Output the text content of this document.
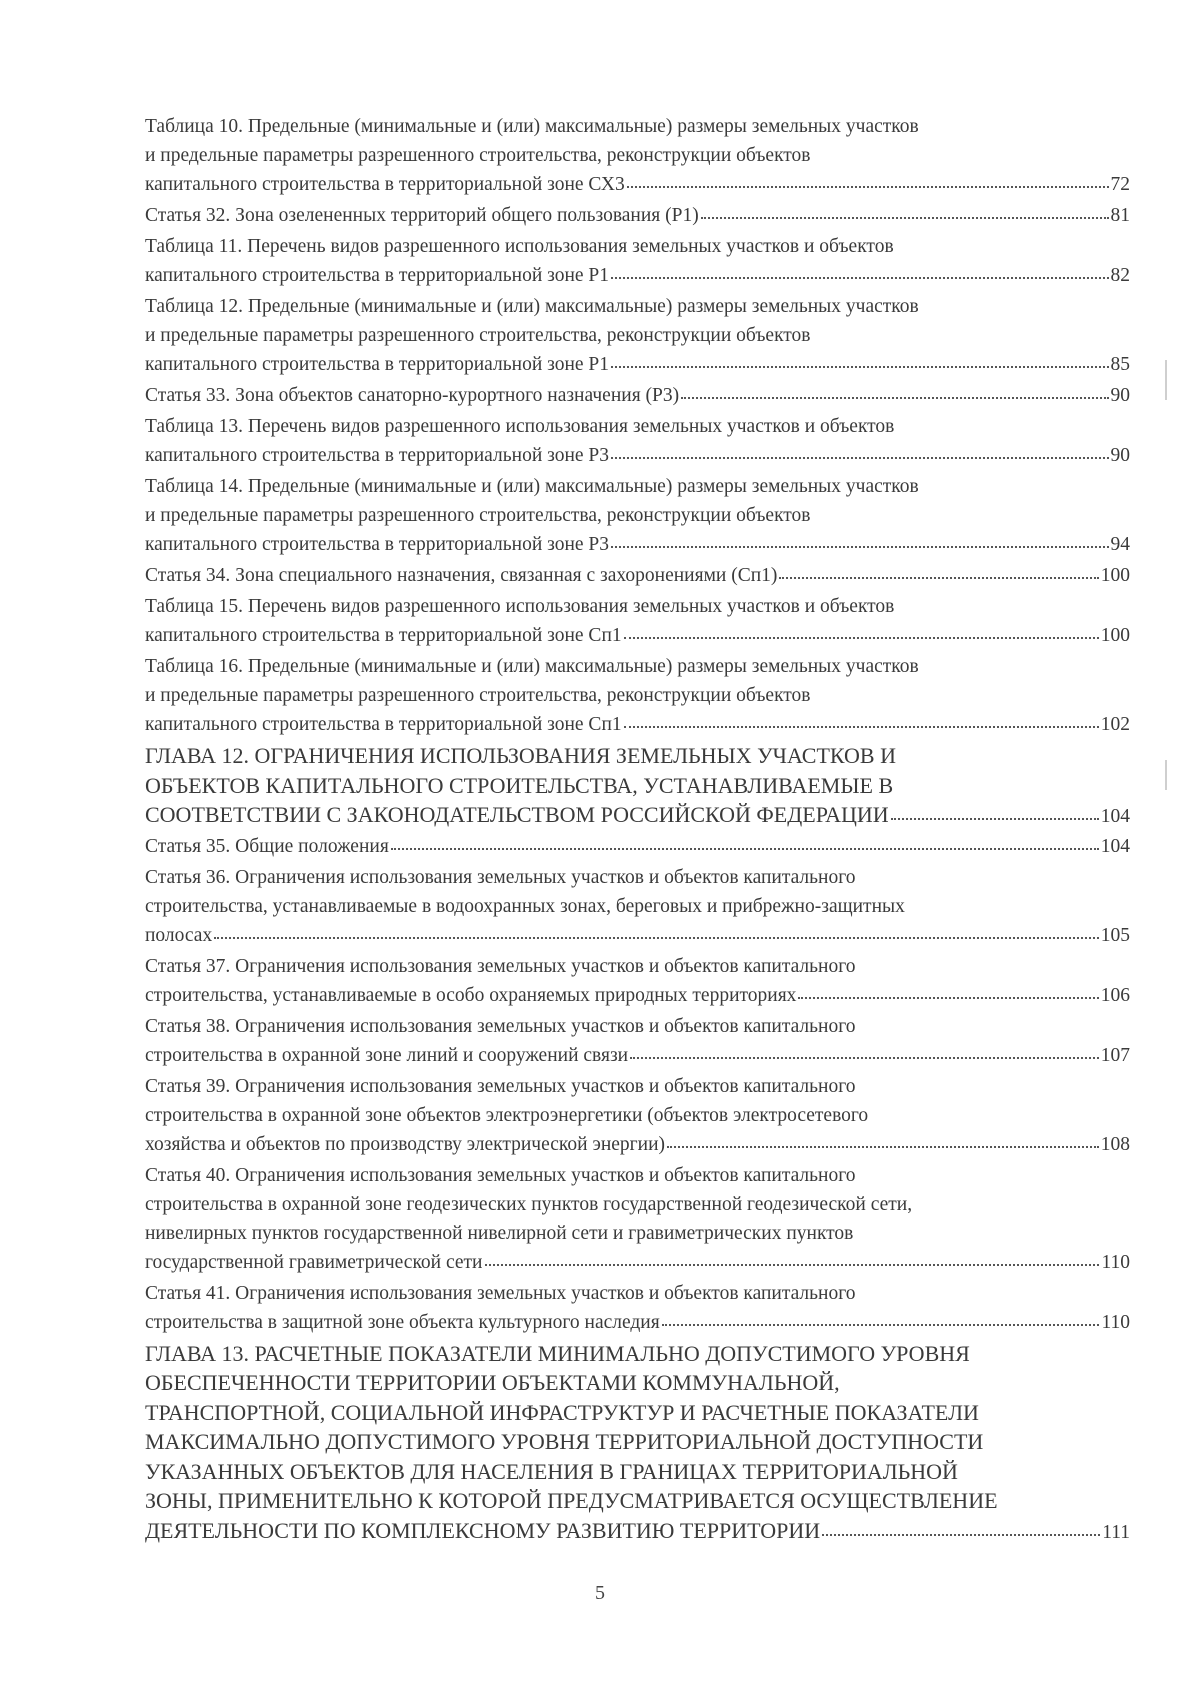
Таблица 10. Предельные (минимальные и (или) максимальные) размеры земельных участков
и предельные параметры разрешенного строительства, реконструкции объектов
капитального строительства в территориальной зоне СХ3	72
Статья 32. Зона озелененных территорий общего пользования (Р1)	81
Таблица 11. Перечень видов разрешенного использования земельных участков и объектов
капитального строительства в территориальной зоне Р1	82
Таблица 12. Предельные (минимальные и (или) максимальные) размеры земельных участков
и предельные параметры разрешенного строительства, реконструкции объектов
капитального строительства в территориальной зоне Р1	85
Статья 33. Зона объектов санаторно-курортного назначения (Р3)	90
Таблица 13. Перечень видов разрешенного использования земельных участков и объектов
капитального строительства в территориальной зоне Р3	90
Таблица 14. Предельные (минимальные и (или) максимальные) размеры земельных участков
и предельные параметры разрешенного строительства, реконструкции объектов
капитального строительства в территориальной зоне Р3	94
Статья 34. Зона специального назначения, связанная с захоронениями (Сп1)	100
Таблица 15. Перечень видов разрешенного использования земельных участков и объектов
капитального строительства в территориальной зоне Сп1	100
Таблица 16. Предельные (минимальные и (или) максимальные) размеры земельных участков
и предельные параметры разрешенного строительства, реконструкции объектов
капитального строительства в территориальной зоне Сп1	102
ГЛАВА 12. ОГРАНИЧЕНИЯ ИСПОЛЬЗОВАНИЯ ЗЕМЕЛЬНЫХ УЧАСТКОВ И
ОБЪЕКТОВ КАПИТАЛЬНОГО СТРОИТЕЛЬСТВА, УСТАНАВЛИВАЕМЫЕ В
СООТВЕТСТВИИ С ЗАКОНОДАТЕЛЬСТВОМ РОССИЙСКОЙ ФЕДЕРАЦИИ	104
Статья 35. Общие положения	104
Статья 36. Ограничения использования земельных участков и объектов капитального
строительства, устанавливаемые в водоохранных зонах, береговых и прибрежно-защитных
полосах	105
Статья 37. Ограничения использования земельных участков и объектов капитального
строительства, устанавливаемые в особо охраняемых природных территориях	106
Статья 38. Ограничения использования земельных участков и объектов капитального
строительства в охранной зоне линий и сооружений связи	107
Статья 39. Ограничения использования земельных участков и объектов капитального
строительства в охранной зоне объектов электроэнергетики (объектов электросетевого
хозяйства и объектов по производству электрической энергии)	108
Статья 40. Ограничения использования земельных участков и объектов капитального
строительства в охранной зоне геодезических пунктов государственной геодезической сети,
нивелирных пунктов государственной нивелирной сети и гравиметрических пунктов
государственной гравиметрической сети	110
Статья 41. Ограничения использования земельных участков и объектов капитального
строительства в защитной зоне объекта культурного наследия	110
ГЛАВА 13. РАСЧЕТНЫЕ ПОКАЗАТЕЛИ МИНИМАЛЬНО ДОПУСТИМОГО УРОВНЯ
ОБЕСПЕЧЕННОСТИ ТЕРРИТОРИИ ОБЪЕКТАМИ КОММУНАЛЬНОЙ,
ТРАНСПОРТНОЙ, СОЦИАЛЬНОЙ ИНФРАСТРУКТУР И РАСЧЕТНЫЕ ПОКАЗАТЕЛИ
МАКСИМАЛЬНО ДОПУСТИМОГО УРОВНЯ ТЕРРИТОРИАЛЬНОЙ ДОСТУПНОСТИ
УКАЗАННЫХ ОБЪЕКТОВ ДЛЯ НАСЕЛЕНИЯ В ГРАНИЦАХ ТЕРРИТОРИАЛЬНОЙ
ЗОНЫ, ПРИМЕНИТЕЛЬНО К КОТОРОЙ ПРЕДУСМАТРИВАЕТСЯ ОСУЩЕСТВЛЕНИЕ
ДЕЯТЕЛЬНОСТИ ПО КОМПЛЕКСНОМУ РАЗВИТИЮ ТЕРРИТОРИИ	111
5
